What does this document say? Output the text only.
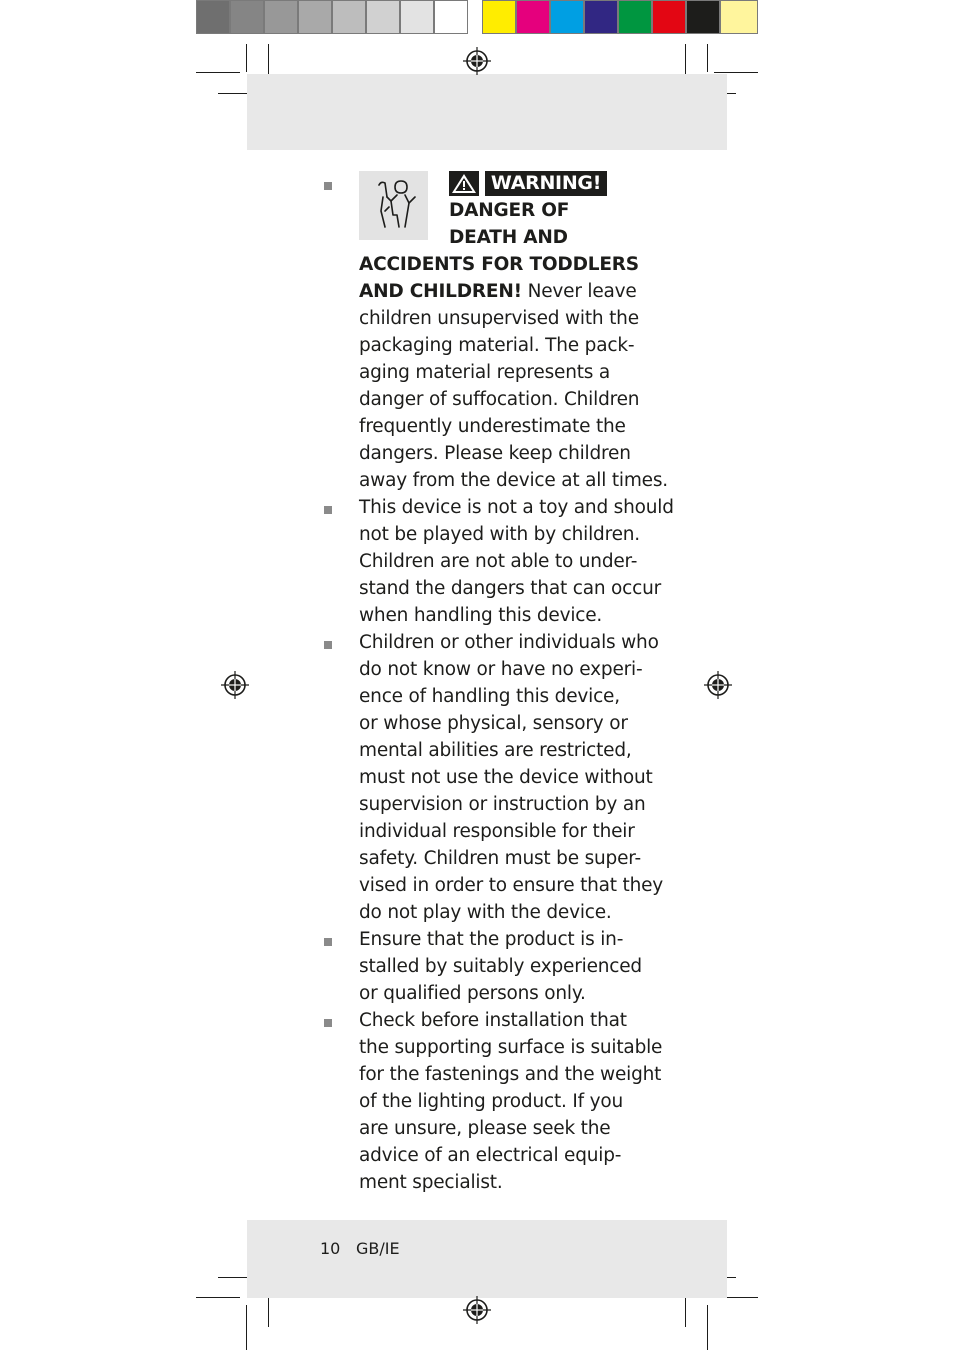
WARNING!
DANGER OF
DEATH AND
ACCIDENTS FOR TODDLERS
AND CHILDREN! Never leave
children unsupervised with the
packaging material. The pack-
aging material represents a
danger of suffocation. Children
frequently underestimate the
dangers. Please keep children
away from the device at all times.
This device is not a toy and should
not be played with by children.
Children are not able to under-
stand the dangers that can occur
when handling this device.
Children or other individuals who
do not know or have no experi-
ence of handling this device,
or whose physical, sensory or
mental abilities are restricted,
must not use the device without
supervision or instruction by an
individual responsible for their
safety. Children must be super-
vised in order to ensure that they
do not play with the device.
Ensure that the product is in-
stalled by suitably experienced
or qualified persons only.
Check before installation that
the supporting surface is suitable
for the fastenings and the weight
of the lighting product. If you
are unsure, please seek the
advice of an electrical equip-
ment specialist.
10 GB/IE
